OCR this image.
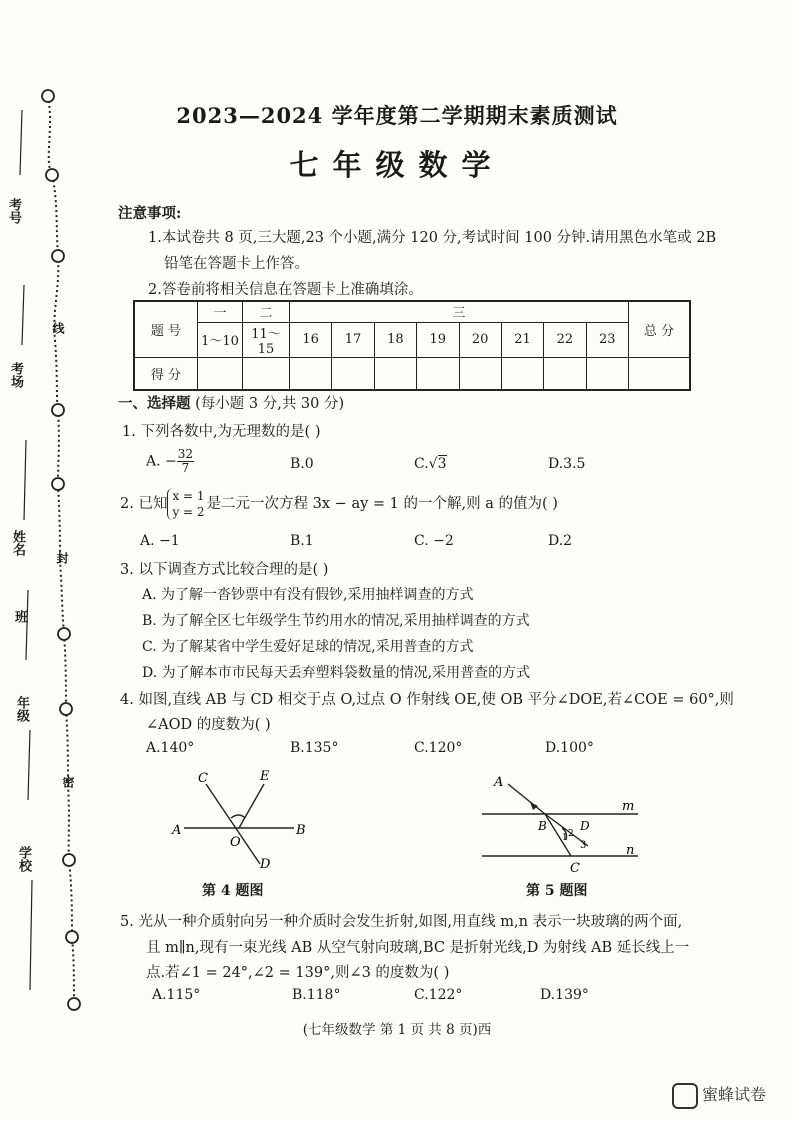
考号
考场
姓名
班
年级
学校
线
封
密
2023—2024 学年度第二学期期末素质测试
七年级数学
注意事项:
1.本试卷共 8 页,三大题,23 个小题,满分 120 分,考试时间 100 分钟.请用黑色水笔或 2B
铅笔在答题卡上作答。
2.答卷前将相关信息在答题卡上准确填涂。
题 号	一	二	三								总 分
	1～10	11～15	16	17	18	19	20	21	22	23	
得 分											
一、选择题 (每小题 3 分,共 30 分)
1. 下列各数中,为无理数的是( )
A. − $\frac{32}{7}$	B.0	C.√3	D.3.5
2. 已知 x = 1
y = 2 是二元一次方程 3x − ay = 1 的一个解,则 a 的值为( )
A. −1	B.1	C. −2	D.2
3. 以下调查方式比较合理的是( )
A. 为了解一沓钞票中有没有假钞,采用抽样调查的方式
B. 为了解全区七年级学生节约用水的情况,采用抽样调查的方式
C. 为了解某省中学生爱好足球的情况,采用普查的方式
D. 为了解本市市民每天丢弃塑料袋数量的情况,采用普查的方式
4. 如图,直线 AB 与 CD 相交于点 O,过点 O 作射线 OE,使 OB 平分∠DOE,若∠COE = 60°,则
∠AOD 的度数为( )
A.140°	B.135°	C.120°	D.100°
A	B
C	E
O
D
第 4 题图
A
B	D
C
m
n
1 2
3
第 5 题图
5. 光从一种介质射向另一种介质时会发生折射,如图,用直线 m,n 表示一块玻璃的两个面,
且 m∥n,现有一束光线 AB 从空气射向玻璃,BC 是折射光线,D 为射线 AB 延长线上一
点.若∠1 = 24°,∠2 = 139°,则∠3 的度数为( )
A.115°	B.118°	C.122°	D.139°
(七年级数学 第 1 页 共 8 页)西
蜜蜂试卷
